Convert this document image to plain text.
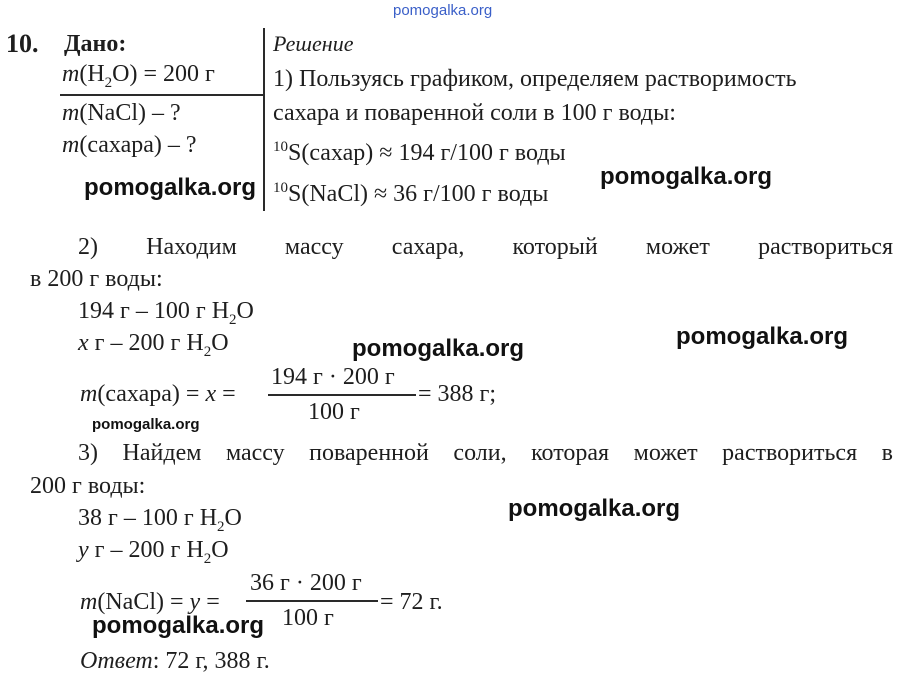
pomogalka.org
10. Дано:
$m(H_2O) = 200$ г
m(NaCl) – ?
m(сахара) – ?
Решение
1) Пользуясь графиком, определяем растворимость
сахара и поваренной соли в 100 г воды:
$^{10}$S(сахар) ≈ 194 г/100 г воды
$^{10}$S(NaCl) ≈ 36 г/100 г воды
2) Находим массу сахара, который может раствориться
в 200 г воды:
194 г – 100 г $H_2O$
x г – 200 г $H_2O$
m(сахара) = x =
194 г · 200 г
100 г
= 388 г;
3) Найдем массу поваренной соли, которая может раствориться в
200 г воды:
38 г – 100 г $H_2O$
y г – 200 г $H_2O$
m(NaCl) = y =
36 г · 200 г
100 г
= 72 г.
Ответ: 72 г, 388 г.
pomogalka.org	pomogalka.org
pomogalka.org
pomogalka.org
pomogalka.org
pomogalka.org
pomogalka.org
